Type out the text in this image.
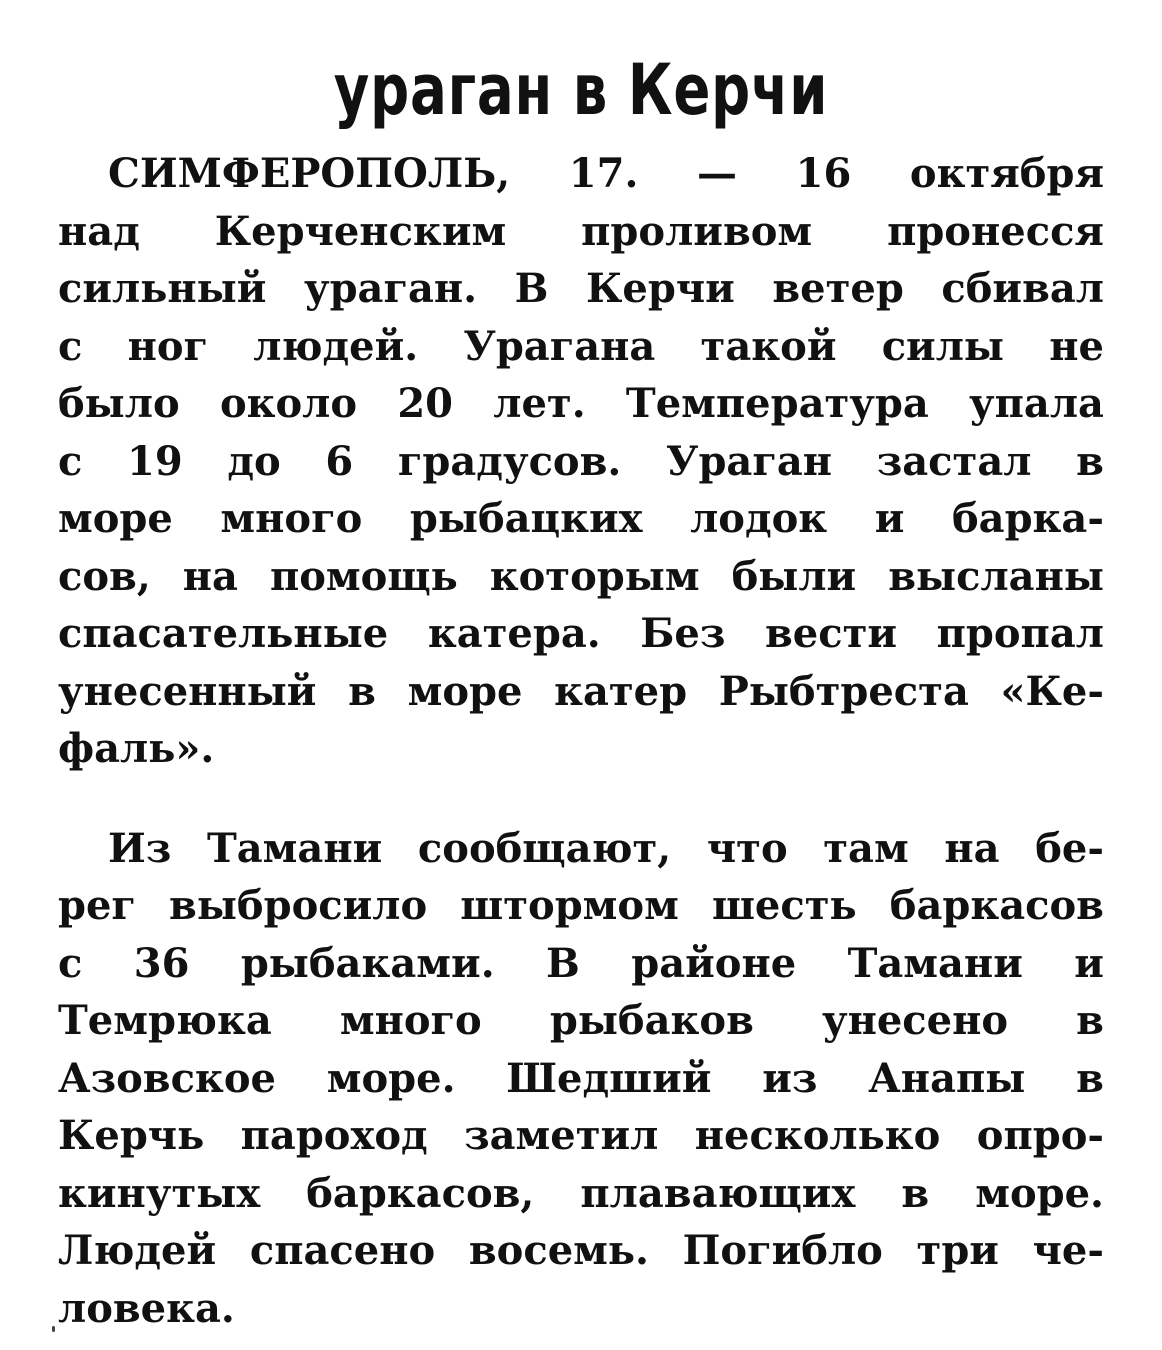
ураган в Керчи
СИМФЕРОПОЛЬ, 17. — 16 октября
над Керченским проливом пронесся
сильный ураган. В Керчи ветер сбивал
с ног людей. Урагана такой силы не
было около 20 лет. Температура упала
с 19 до 6 градусов. Ураган застал в
море много рыбацких лодок и барка-
сов, на помощь которым были высланы
спасательные катера. Без вести пропал
унесенный в море катер Рыбтреста «Ке-
фаль».
Из Тамани сообщают, что там на бе-
рег выбросило штормом шесть баркасов
с 36 рыбаками. В районе Тамани и
Темрюка много рыбаков унесено в
Азовское море. Шедший из Анапы в
Керчь пароход заметил несколько опро-
кинутых баркасов, плавающих в море.
Людей спасено восемь. Погибло три че-
ловека.
